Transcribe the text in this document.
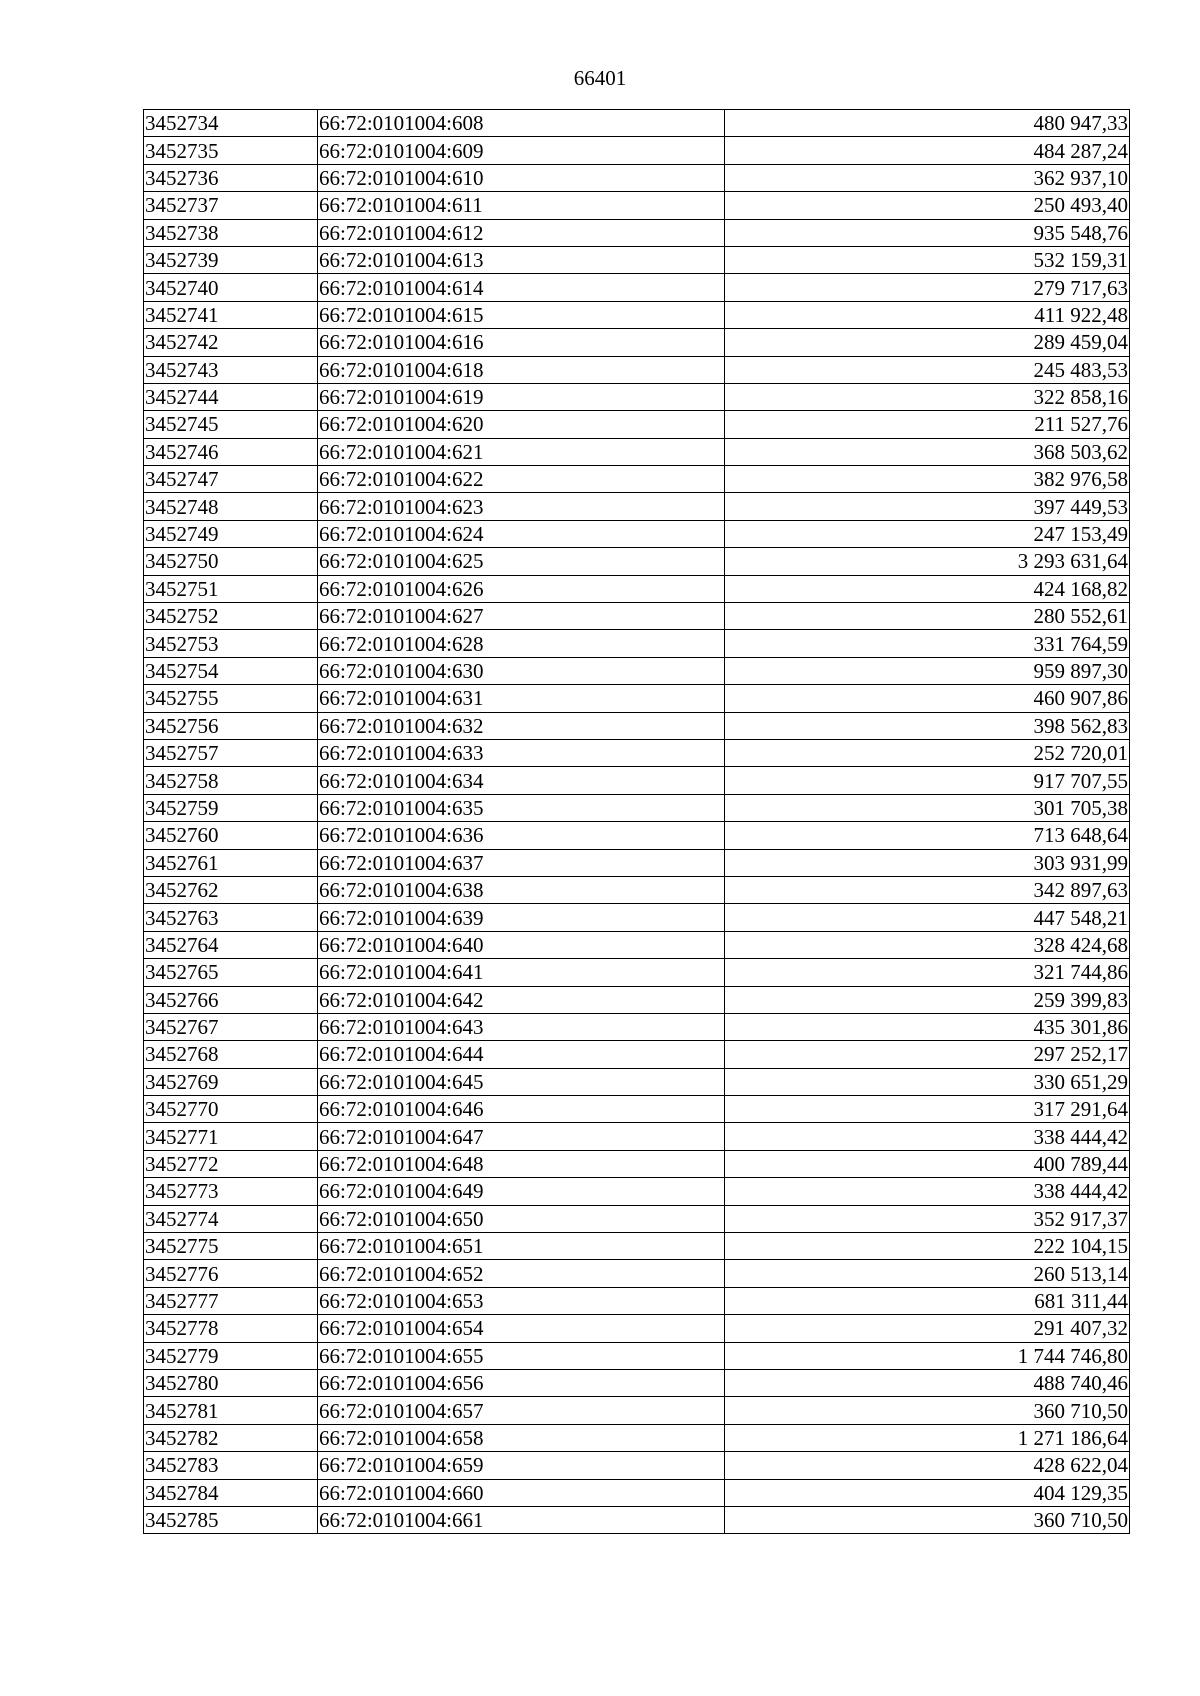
66401
3452734	66:72:0101004:608	480 947,33
3452735	66:72:0101004:609	484 287,24
3452736	66:72:0101004:610	362 937,10
3452737	66:72:0101004:611	250 493,40
3452738	66:72:0101004:612	935 548,76
3452739	66:72:0101004:613	532 159,31
3452740	66:72:0101004:614	279 717,63
3452741	66:72:0101004:615	411 922,48
3452742	66:72:0101004:616	289 459,04
3452743	66:72:0101004:618	245 483,53
3452744	66:72:0101004:619	322 858,16
3452745	66:72:0101004:620	211 527,76
3452746	66:72:0101004:621	368 503,62
3452747	66:72:0101004:622	382 976,58
3452748	66:72:0101004:623	397 449,53
3452749	66:72:0101004:624	247 153,49
3452750	66:72:0101004:625	3 293 631,64
3452751	66:72:0101004:626	424 168,82
3452752	66:72:0101004:627	280 552,61
3452753	66:72:0101004:628	331 764,59
3452754	66:72:0101004:630	959 897,30
3452755	66:72:0101004:631	460 907,86
3452756	66:72:0101004:632	398 562,83
3452757	66:72:0101004:633	252 720,01
3452758	66:72:0101004:634	917 707,55
3452759	66:72:0101004:635	301 705,38
3452760	66:72:0101004:636	713 648,64
3452761	66:72:0101004:637	303 931,99
3452762	66:72:0101004:638	342 897,63
3452763	66:72:0101004:639	447 548,21
3452764	66:72:0101004:640	328 424,68
3452765	66:72:0101004:641	321 744,86
3452766	66:72:0101004:642	259 399,83
3452767	66:72:0101004:643	435 301,86
3452768	66:72:0101004:644	297 252,17
3452769	66:72:0101004:645	330 651,29
3452770	66:72:0101004:646	317 291,64
3452771	66:72:0101004:647	338 444,42
3452772	66:72:0101004:648	400 789,44
3452773	66:72:0101004:649	338 444,42
3452774	66:72:0101004:650	352 917,37
3452775	66:72:0101004:651	222 104,15
3452776	66:72:0101004:652	260 513,14
3452777	66:72:0101004:653	681 311,44
3452778	66:72:0101004:654	291 407,32
3452779	66:72:0101004:655	1 744 746,80
3452780	66:72:0101004:656	488 740,46
3452781	66:72:0101004:657	360 710,50
3452782	66:72:0101004:658	1 271 186,64
3452783	66:72:0101004:659	428 622,04
3452784	66:72:0101004:660	404 129,35
3452785	66:72:0101004:661	360 710,50
